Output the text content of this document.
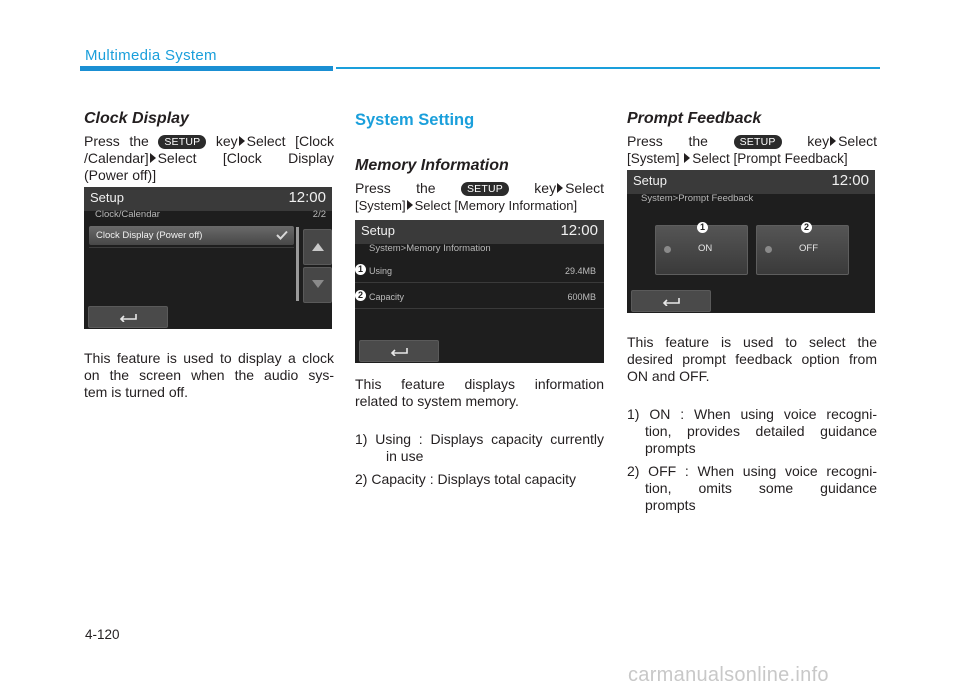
Multimedia System
Clock Display
Press the SETUP key Select [Clock
/Calendar] Select [Clock Display
(Power off)]
Setup	12:00
Clock/Calendar	2/2
Clock Display (Power off)
This feature is used to display a clock
on the screen when the audio sys-
tem is turned off.
System Setting
Memory Information
Press the	SETUP key Select
[System] Select [Memory Information]
Setup	12:00
System>Memory Information
1 Using	29.4MB
2 Capacity	600MB
This feature displays information
related to system memory.
1) Using : Displays capacity currently
in use
2) Capacity : Displays total capacity
Prompt Feedback
Press the	SETUP key Select
[System] Select [Prompt Feedback]
Setup	12:00
System>Prompt Feedback
ON
1
OFF
2
This feature is used to select the
desired prompt feedback option from
ON and OFF.
1) ON : When using voice recogni-
tion, provides detailed guidance
prompts
2) OFF : When using voice recogni-
tion, omits some guidance
prompts
4-120
carmanualsonline.info
